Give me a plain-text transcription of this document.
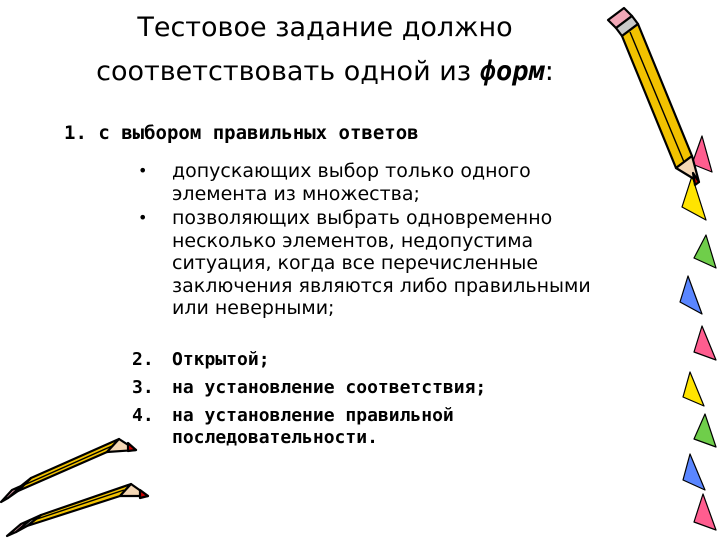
Тестовое задание должно
соответствовать одной из форм:
1. с выбором правильных ответов
• допускающих выбор только одного элемента из множества;
• позволяющих выбрать одновременно несколько элементов, недопустима ситуация, когда все перечисленные заключения являются либо правильными или неверными;
2. Открытой;
3. на установление соответствия;
4. на установление правильной последовательности.
